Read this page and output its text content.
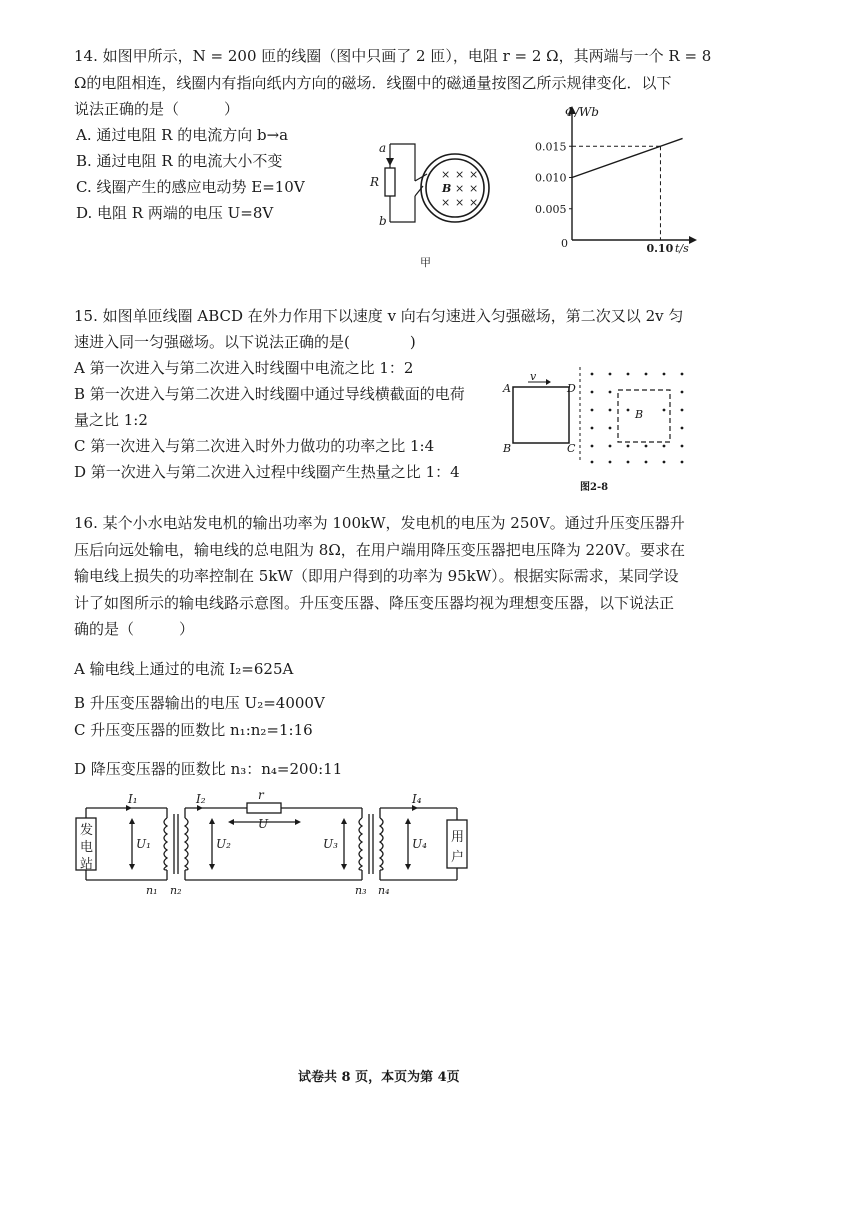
14. 如图甲所示，N = 200 匝的线圈（图中只画了 2 匝），电阻 r = 2 Ω，其两端与一个 R = 8
Ω的电阻相连，线圈内有指向纸内方向的磁场．线圈中的磁通量按图乙所示规律变化．以下
说法正确的是（　　　）
A. 通过电阻 R 的电流方向 b→a
B. 通过电阻 R 的电流大小不变
C. 线圈产生的感应电动势 E=10V
D. 电阻 R 两端的电压 U=8V
a
b
R
× × ×
× ×
× × ×
B
甲
Φ/Wb
t/s
0
0.015
0.010
0.005
0.10
15. 如图单匝线圈 ABCD 在外力作用下以速度 v 向右匀速进入匀强磁场，第二次又以 2v 匀
速进入同一匀强磁场。以下说法正确的是(　　　　)
A 第一次进入与第二次进入时线圈中电流之比 1：2
B 第一次进入与第二次进入时线圈中通过导线横截面的电荷
量之比 1:2
C 第一次进入与第二次进入时外力做功的功率之比 1:4
D 第一次进入与第二次进入过程中线圈产生热量之比 1：4
A
B	C
D
v
B
图2-8
16. 某个小水电站发电机的输出功率为 100kW，发电机的电压为 250V。通过升压变压器升
压后向远处输电，输电线的总电阻为 8Ω，在用户端用降压变压器把电压降为 220V。要求在
输电线上损失的功率控制在 5kW（即用户得到的功率为 95kW）。根据实际需求，某同学设
计了如图所示的输电线路示意图。升压变压器、降压变压器均视为理想变压器，以下说法正
确的是（　　　）
A 输电线上通过的电流 I₂=625A
B 升压变压器输出的电压 U₂=4000V
C 升压变压器的匝数比 n₁:n₂=1:16
D 降压变压器的匝数比 n₃：n₄=200:11
发
电
站
用
户
I₁	I₂	I₄
r
U
U₁	U₂	U₃	U₄
n₁ n₂	n₃ n₄
试卷共 8 页，本页为第 4页
